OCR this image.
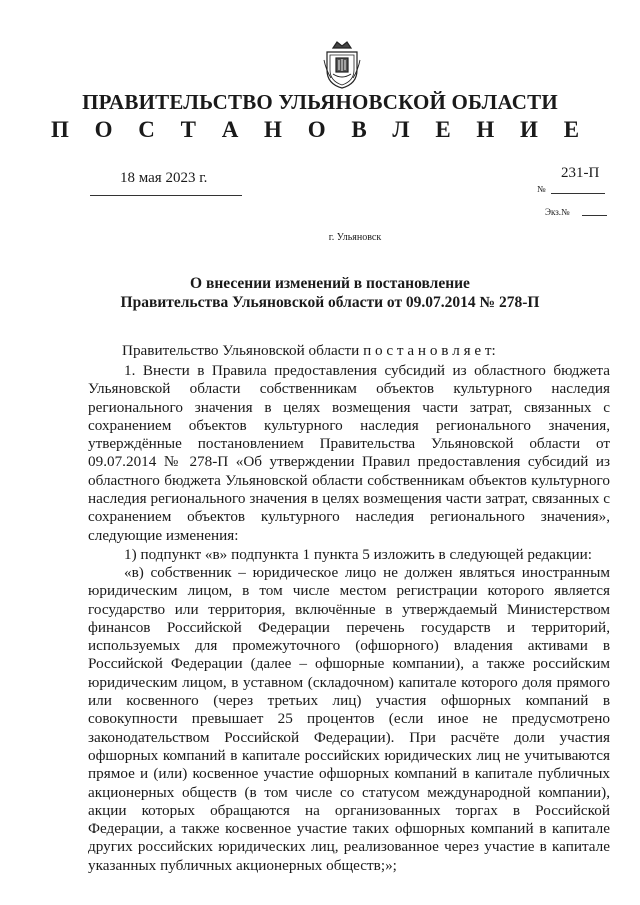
ПРАВИТЕЛЬСТВО УЛЬЯНОВСКОЙ ОБЛАСТИ
П О С Т А Н О В Л Е Н И Е
18 мая 2023 г.	231-П
№
Экз.№
г. Ульяновск
О внесении изменений в постановление
Правительства Ульяновской области от 09.07.2014 № 278-П
Правительство Ульяновской области п о с т а н о в л я е т:
1. Внести в Правила предоставления субсидий из областного бюджета Ульяновской области собственникам объектов культурного наследия регионального значения в целях возмещения части затрат, связанных с сохранением объектов культурного наследия регионального значения, утверждённые постановлением Правительства Ульяновской области от 09.07.2014 № 278-П «Об утверждении Правил предоставления субсидий из областного бюджета Ульяновской области собственникам объектов культурного наследия регионального значения в целях возмещения части затрат, связанных с сохранением объектов культурного наследия регионального значения», следующие изменения:
1) подпункт «в» подпункта 1 пункта 5 изложить в следующей редакции:
«в) собственник – юридическое лицо не должен являться иностранным юридическим лицом, в том числе местом регистрации которого является государство или территория, включённые в утверждаемый Министерством финансов Российской Федерации перечень государств и территорий, используемых для промежуточного (офшорного) владения активами в Российской Федерации (далее – офшорные компании), а также российским юридическим лицом, в уставном (складочном) капитале которого доля прямого или косвенного (через третьих лиц) участия офшорных компаний в совокупности превышает 25 процентов (если иное не предусмотрено законодательством Российской Федерации). При расчёте доли участия офшорных компаний в капитале российских юридических лиц не учитываются прямое и (или) косвенное участие офшорных компаний в капитале публичных акционерных обществ (в том числе со статусом международной компании), акции которых обращаются на организованных торгах в Российской Федерации, а также косвенное участие таких офшорных компаний в капитале других российских юридических лиц, реализованное через участие в капитале указанных публичных акционерных обществ;»;
